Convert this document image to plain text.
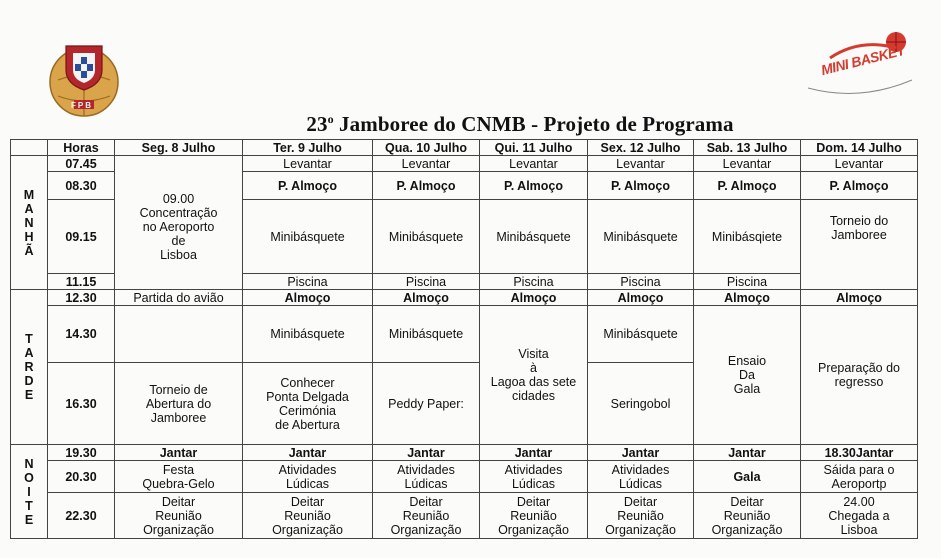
FPB
MINI BASKET
23$^o$ Jamboree do CNMB - Projeto de Programa
	Horas	Seg. 8 Julho	Ter. 9 Julho	Qua. 10 Julho	Qui. 11 Julho	Sex. 12 Julho	Sab. 13 Julho	Dom. 14 Julho

M
A
N
H
Ã	07.45	09.00
Concentração
no Aeroporto
de
Lisboa	Levantar	Levantar	Levantar	Levantar	Levantar	Levantar
	08.30		P. Almoço	P. Almoço	P. Almoço	P. Almoço	P. Almoço	P. Almoço
	09.15		Minibásquete	Minibásquete	Minibásquete	Minibásquete	Minibásqiete	Torneio do
Jamboree
	11.15		Piscina	Piscina	Piscina	Piscina	Piscina	

T
A
R
D
E	12.30	Partida do avião	Almoço	Almoço	Almoço	Almoço	Almoço	Almoço
	14.30		Minibásquete	Minibásquete	Visita
à
Lagoa das sete
cidades	Minibásquete	Ensaio
Da
Gala	Preparação do
regresso
	16.30	Torneio de
Abertura do
Jamboree	Conhecer
Ponta Delgada
Cerimónia
de Abertura	Peddy Paper:		Seringobol		

N
O
I
T
E	19.30	Jantar	Jantar	Jantar	Jantar	Jantar	Jantar	18.30Jantar
	20.30	Festa
Quebra-Gelo	Atividades
Lúdicas	Atividades
Lúdicas	Atividades
Lúdicas	Atividades
Lúdicas	Gala	Sáida para o
Aeroportp
	22.30	Deitar
Reunião
Organização	Deitar
Reunião
Organização	Deitar
Reunião
Organização	Deitar
Reunião
Organização	Deitar
Reunião
Organização	Deitar
Reunião
Organização	24.00
Chegada a
Lisboa
